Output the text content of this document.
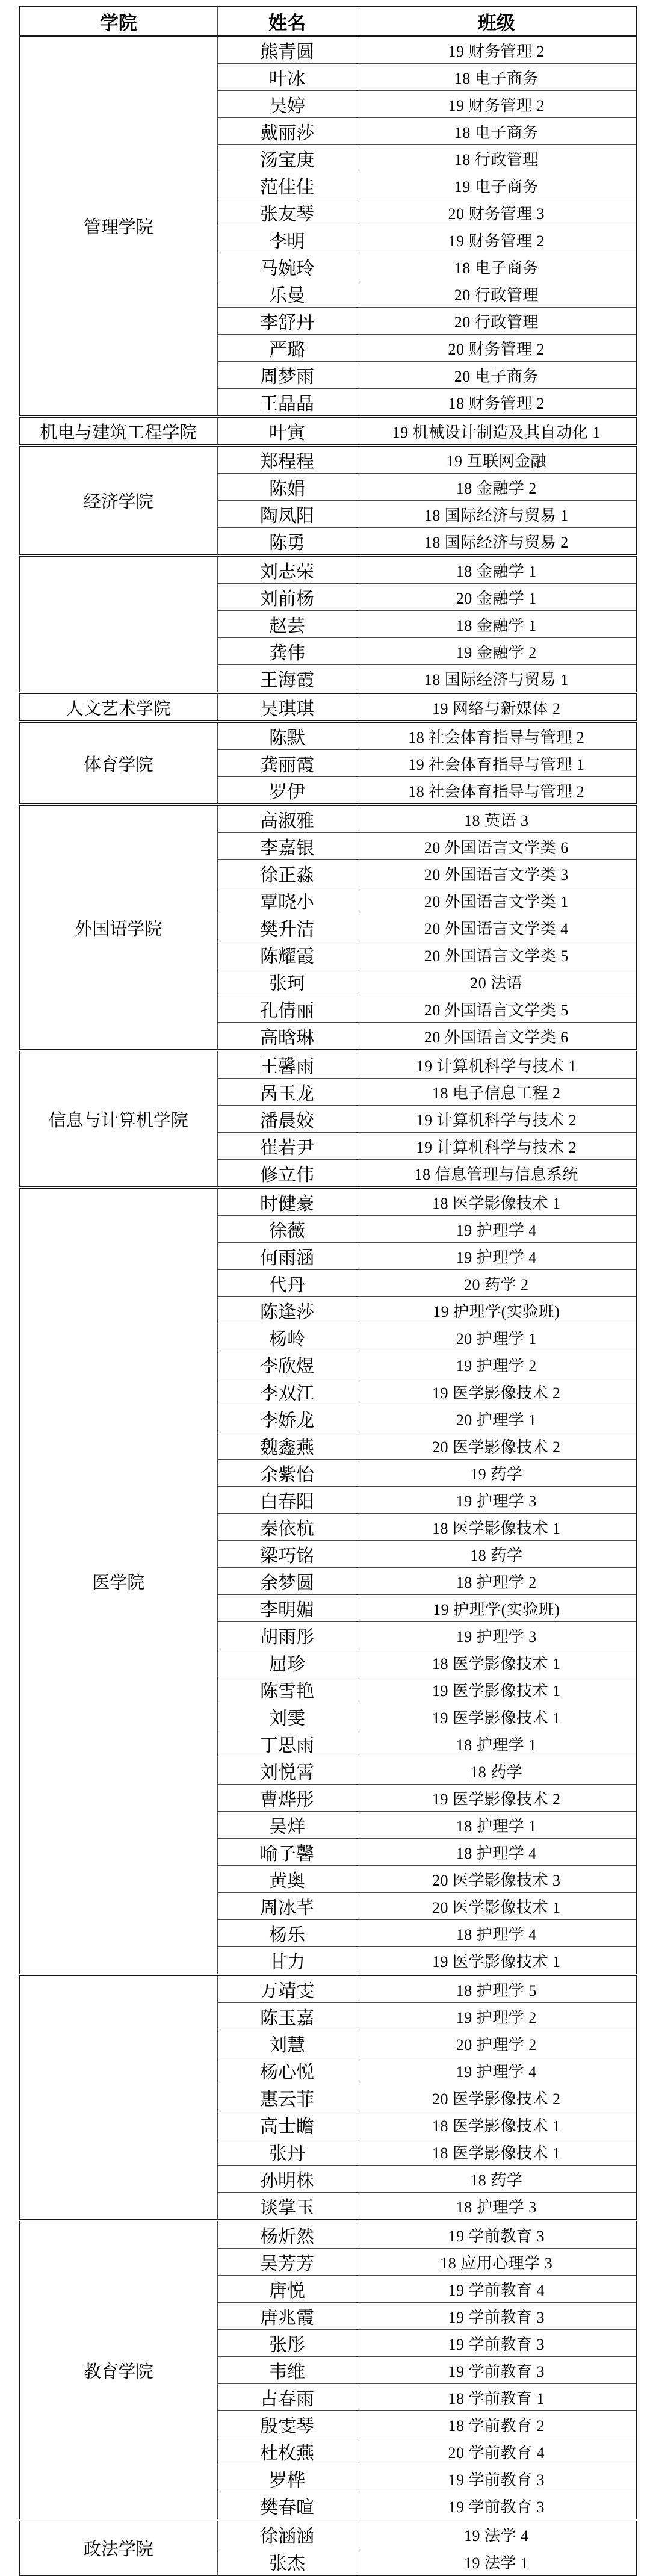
学院	姓名	班级
管理学院	熊青圆	19 财务管理 2
	叶冰	18 电子商务
	吴婷	19 财务管理 2
	戴丽莎	18 电子商务
	汤宝庚	18 行政管理
	范佳佳	19 电子商务
	张友琴	20 财务管理 3
	李明	19 财务管理 2
	马婉玲	18 电子商务
	乐曼	20 行政管理
	李舒丹	20 行政管理
	严璐	20 财务管理 2
	周梦雨	20 电子商务
	王晶晶	18 财务管理 2
机电与建筑工程学院	叶寅	19 机械设计制造及其自动化 1
经济学院	郑程程	19 互联网金融
	陈娟	18 金融学 2
	陶凤阳	18 国际经济与贸易 1
	陈勇	18 国际经济与贸易 2
	刘志荣	18 金融学 1
	刘前杨	20 金融学 1
	赵芸	18 金融学 1
	龚伟	19 金融学 2
	王海霞	18 国际经济与贸易 1
人文艺术学院	吴琪琪	19 网络与新媒体 2
体育学院	陈默	18 社会体育指导与管理 2
	龚丽霞	19 社会体育指导与管理 1
	罗伊	18 社会体育指导与管理 2
外国语学院	高淑雅	18 英语 3
	李嘉银	20 外国语言文学类 6
	徐正淼	20 外国语言文学类 3
	覃晓小	20 外国语言文学类 1
	樊升洁	20 外国语言文学类 4
	陈耀霞	20 外国语言文学类 5
	张珂	20 法语
	孔倩丽	20 外国语言文学类 5
	高晗琳	20 外国语言文学类 6
信息与计算机学院	王馨雨	19 计算机科学与技术 1
	呙玉龙	18 电子信息工程 2
	潘晨姣	19 计算机科学与技术 2
	崔若尹	19 计算机科学与技术 2
	修立伟	18 信息管理与信息系统
医学院	时健豪	18 医学影像技术 1
	徐薇	19 护理学 4
	何雨涵	19 护理学 4
	代丹	20 药学 2
	陈逢莎	19 护理学(实验班)
	杨岭	20 护理学 1
	李欣煜	19 护理学 2
	李双江	19 医学影像技术 2
	李娇龙	20 护理学 1
	魏鑫燕	20 医学影像技术 2
	余紫怡	19 药学
	白春阳	19 护理学 3
	秦依杭	18 医学影像技术 1
	梁巧铭	18 药学
	余梦圆	18 护理学 2
	李明媚	19 护理学(实验班)
	胡雨彤	19 护理学 3
	屈珍	18 医学影像技术 1
	陈雪艳	19 医学影像技术 1
	刘雯	19 医学影像技术 1
	丁思雨	18 护理学 1
	刘悦霄	18 药学
	曹烨彤	19 医学影像技术 2
	吴烊	18 护理学 1
	喻子馨	18 护理学 4
	黄奥	20 医学影像技术 3
	周冰芊	20 医学影像技术 1
	杨乐	18 护理学 4
	甘力	19 医学影像技术 1
	万靖雯	18 护理学 5
	陈玉嘉	19 护理学 2
	刘慧	20 护理学 2
	杨心悦	19 护理学 4
	惠云菲	20 医学影像技术 2
	高士瞻	18 医学影像技术 1
	张丹	18 医学影像技术 1
	孙明株	18 药学
	谈掌玉	18 护理学 3
教育学院	杨炘然	19 学前教育 3
	吴芳芳	18 应用心理学 3
	唐悦	19 学前教育 4
	唐兆霞	19 学前教育 3
	张彤	19 学前教育 3
	韦维	19 学前教育 3
	占春雨	18 学前教育 1
	殷雯琴	18 学前教育 2
	杜枚燕	20 学前教育 4
	罗桦	19 学前教育 3
	樊春暄	19 学前教育 3
政法学院	徐涵涵	19 法学 4
	张杰	19 法学 1
